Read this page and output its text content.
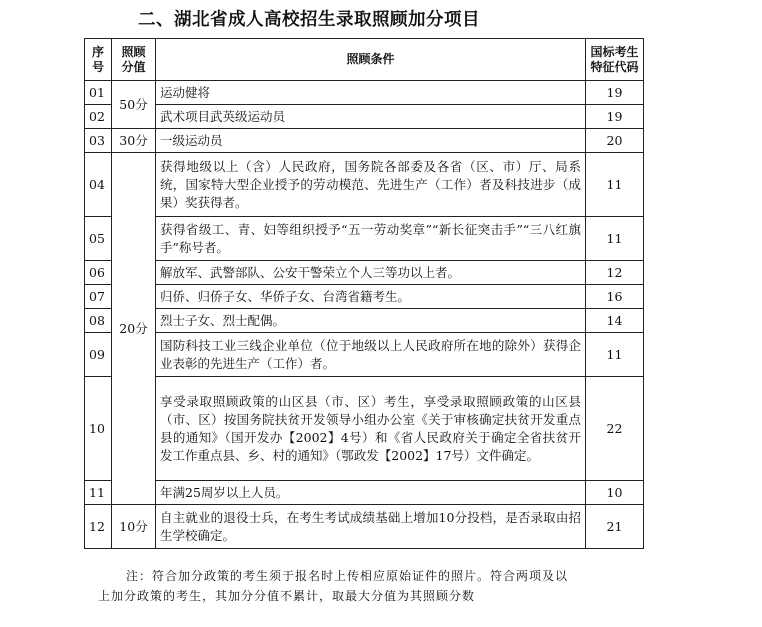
二、湖北省成人高校招生录取照顾加分项目
序号	照顾分值	照顾条件	国标考生特征代码
01	50分	运动健将	19
02		武术项目武英级运动员	19
03	30分	一级运动员	20
04	20分	获得地级以上（含）人民政府，国务院各部委及各省（区、市）厅、局系统，国家特大型企业授予的劳动模范、先进生产（工作）者及科技进步（成果）奖获得者。	11
05		获得省级工、青、妇等组织授予“五一劳动奖章”“新长征突击手”“三八红旗手”称号者。	11
06		解放军、武警部队、公安干警荣立个人三等功以上者。	12
07		归侨、归侨子女、华侨子女、台湾省籍考生。	16
08		烈士子女、烈士配偶。	14
09		国防科技工业三线企业单位（位于地级以上人民政府所在地的除外）获得企业表彰的先进生产（工作）者。	11
10		享受录取照顾政策的山区县（市、区）考生，享受录取照顾政策的山区县（市、区）按国务院扶贫开发领导小组办公室《关于审核确定扶贫开发重点县的通知》（国开发办【2002】4号）和《省人民政府关于确定全省扶贫开发工作重点县、乡、村的通知》（鄂政发【2002】17号）文件确定。	22
11		年满25周岁以上人员。	10
12	10分	自主就业的退役士兵，在考生考试成绩基础上增加10分投档，是否录取由招生学校确定。	21
注：符合加分政策的考生须于报名时上传相应原始证件的照片。符合两项及以
上加分政策的考生，其加分分值不累计，取最大分值为其照顾分数
